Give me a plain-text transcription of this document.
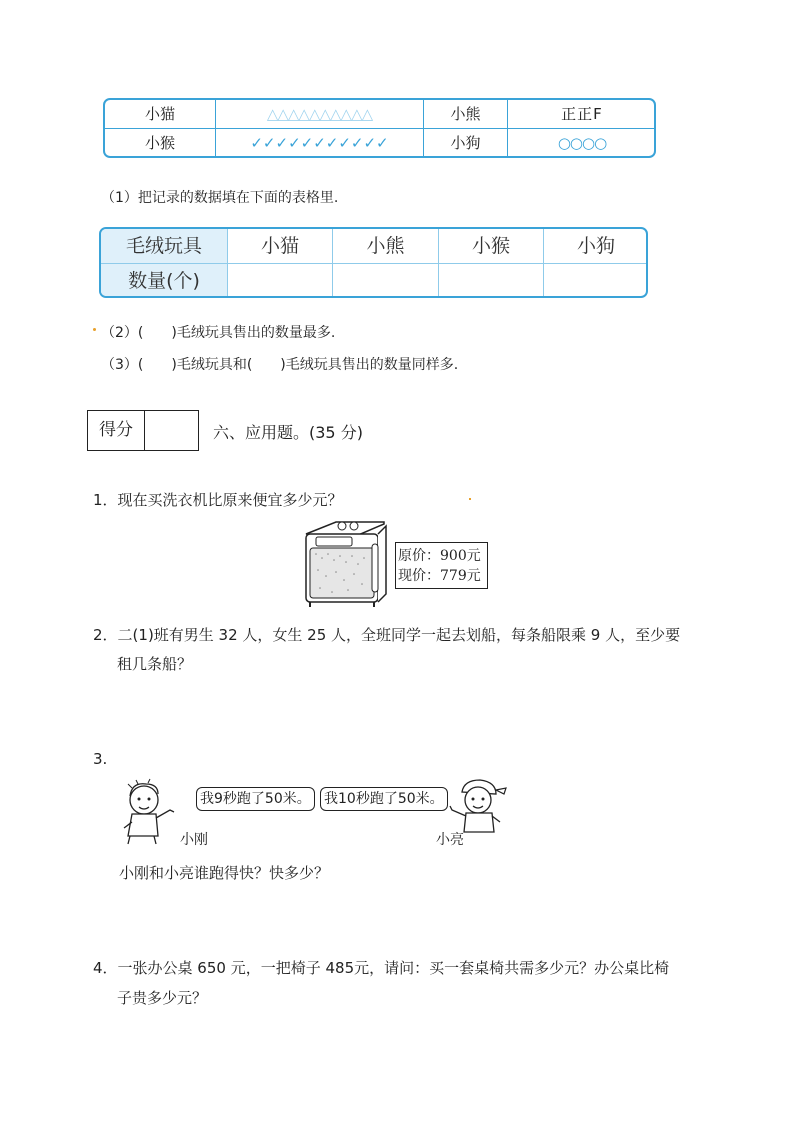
小猫	△△△△△△△△△△	小熊	正正F
小猴	✓✓✓✓✓✓✓✓✓✓✓	小狗	○○○○
（1）把记录的数据填在下面的表格里.
毛绒玩具	小猫	小熊	小猴	小狗
数量(个)
（2）(　　)毛绒玩具售出的数量最多.
（3）(　　)毛绒玩具和(　　)毛绒玩具售出的数量同样多.
得分	六、应用题。(35 分)
1．现在买洗衣机比原来便宜多少元？
原价：900元
现价：779元
2．二(1)班有男生 32 人，女生 25 人，全班同学一起去划船，每条船限乘 9 人，至少要
租几条船？
3.
我9秒跑了50米。 我10秒跑了50米。
小刚	小亮
小刚和小亮谁跑得快？快多少？
4．一张办公桌 650 元，一把椅子 485元，请问：买一套桌椅共需多少元？办公桌比椅
子贵多少元？
